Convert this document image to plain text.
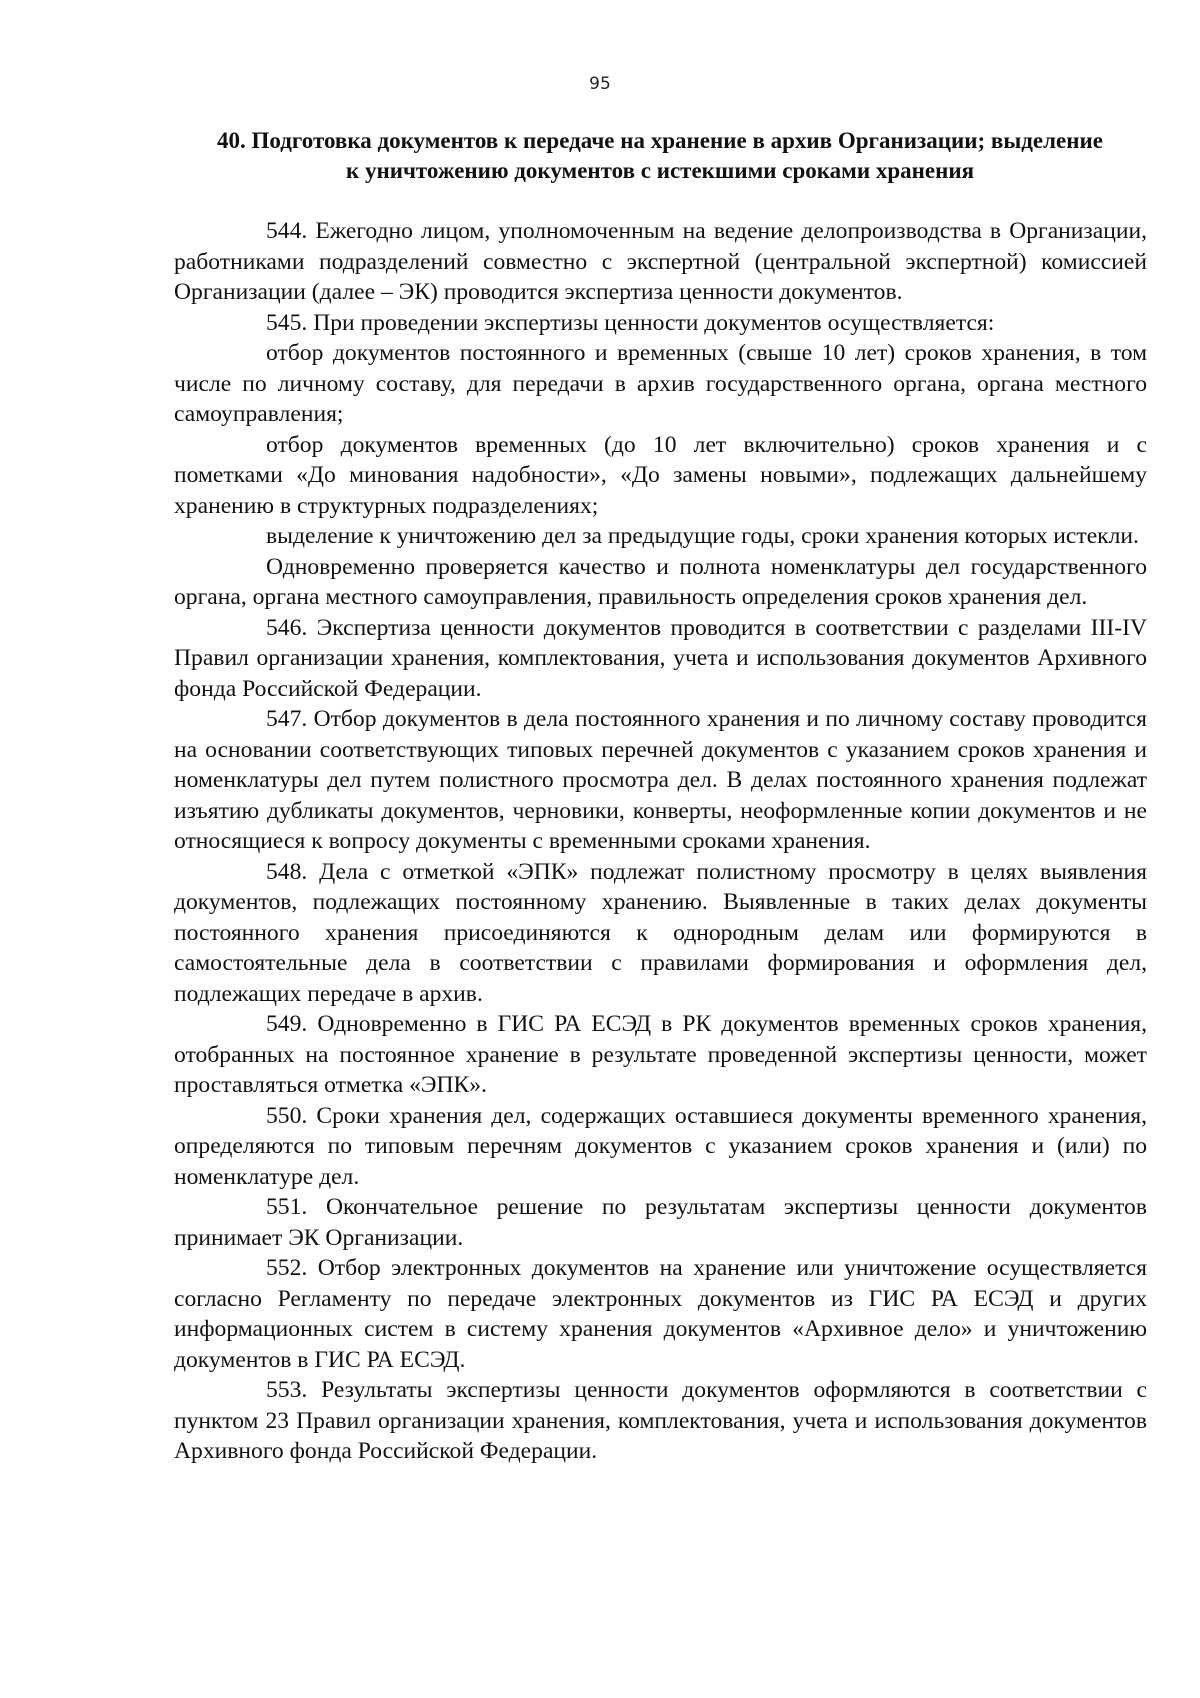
95
40. Подготовка документов к передаче на хранение в архив Организации; выделение
к уничтожению документов с истекшими сроками хранения

544. Ежегодно лицом, уполномоченным на ведение делопроизводства в Организации, работниками подразделений совместно с экспертной (центральной экспертной) комиссией Организации (далее – ЭК) проводится экспертиза ценности документов.

545. При проведении экспертизы ценности документов осуществляется:

отбор документов постоянного и временных (свыше 10 лет) сроков хранения, в том числе по личному составу, для передачи в архив государственного органа, органа местного самоуправления;

отбор документов временных (до 10 лет включительно) сроков хранения и с пометками «До минования надобности», «До замены новыми», подлежащих дальнейшему хранению в структурных подразделениях;

выделение к уничтожению дел за предыдущие годы, сроки хранения которых истекли.

Одновременно проверяется качество и полнота номенклатуры дел государственного органа, органа местного самоуправления, правильность определения сроков хранения дел.

546. Экспертиза ценности документов проводится в соответствии с разделами III-IV Правил организации хранения, комплектования, учета и использования документов Архивного фонда Российской Федерации.

547. Отбор документов в дела постоянного хранения и по личному составу проводится на основании соответствующих типовых перечней документов с указанием сроков хранения и номенклатуры дел путем полистного просмотра дел. В делах постоянного хранения подлежат изъятию дубликаты документов, черновики, конверты, неоформленные копии документов и не относящиеся к вопросу документы с временными сроками хранения.

548. Дела с отметкой «ЭПК» подлежат полистному просмотру в целях выявления документов, подлежащих постоянному хранению. Выявленные в таких делах документы постоянного хранения присоединяются к однородным делам или формируются в самостоятельные дела в соответствии с правилами формирования и оформления дел, подлежащих передаче в архив.

549. Одновременно в ГИС РА ЕСЭД в РК документов временных сроков хранения, отобранных на постоянное хранение в результате проведенной экспертизы ценности, может проставляться отметка «ЭПК».

550. Сроки хранения дел, содержащих оставшиеся документы временного хранения, определяются по типовым перечням документов с указанием сроков хранения и (или) по номенклатуре дел.

551. Окончательное решение по результатам экспертизы ценности документов принимает ЭК Организации.

552. Отбор электронных документов на хранение или уничтожение осуществляется согласно Регламенту по передаче электронных документов из ГИС РА ЕСЭД и других информационных систем в систему хранения документов «Архивное дело» и уничтожению документов в ГИС РА ЕСЭД.

553. Результаты экспертизы ценности документов оформляются в соответствии с пунктом 23 Правил организации хранения, комплектования, учета и использования документов Архивного фонда Российской Федерации.
